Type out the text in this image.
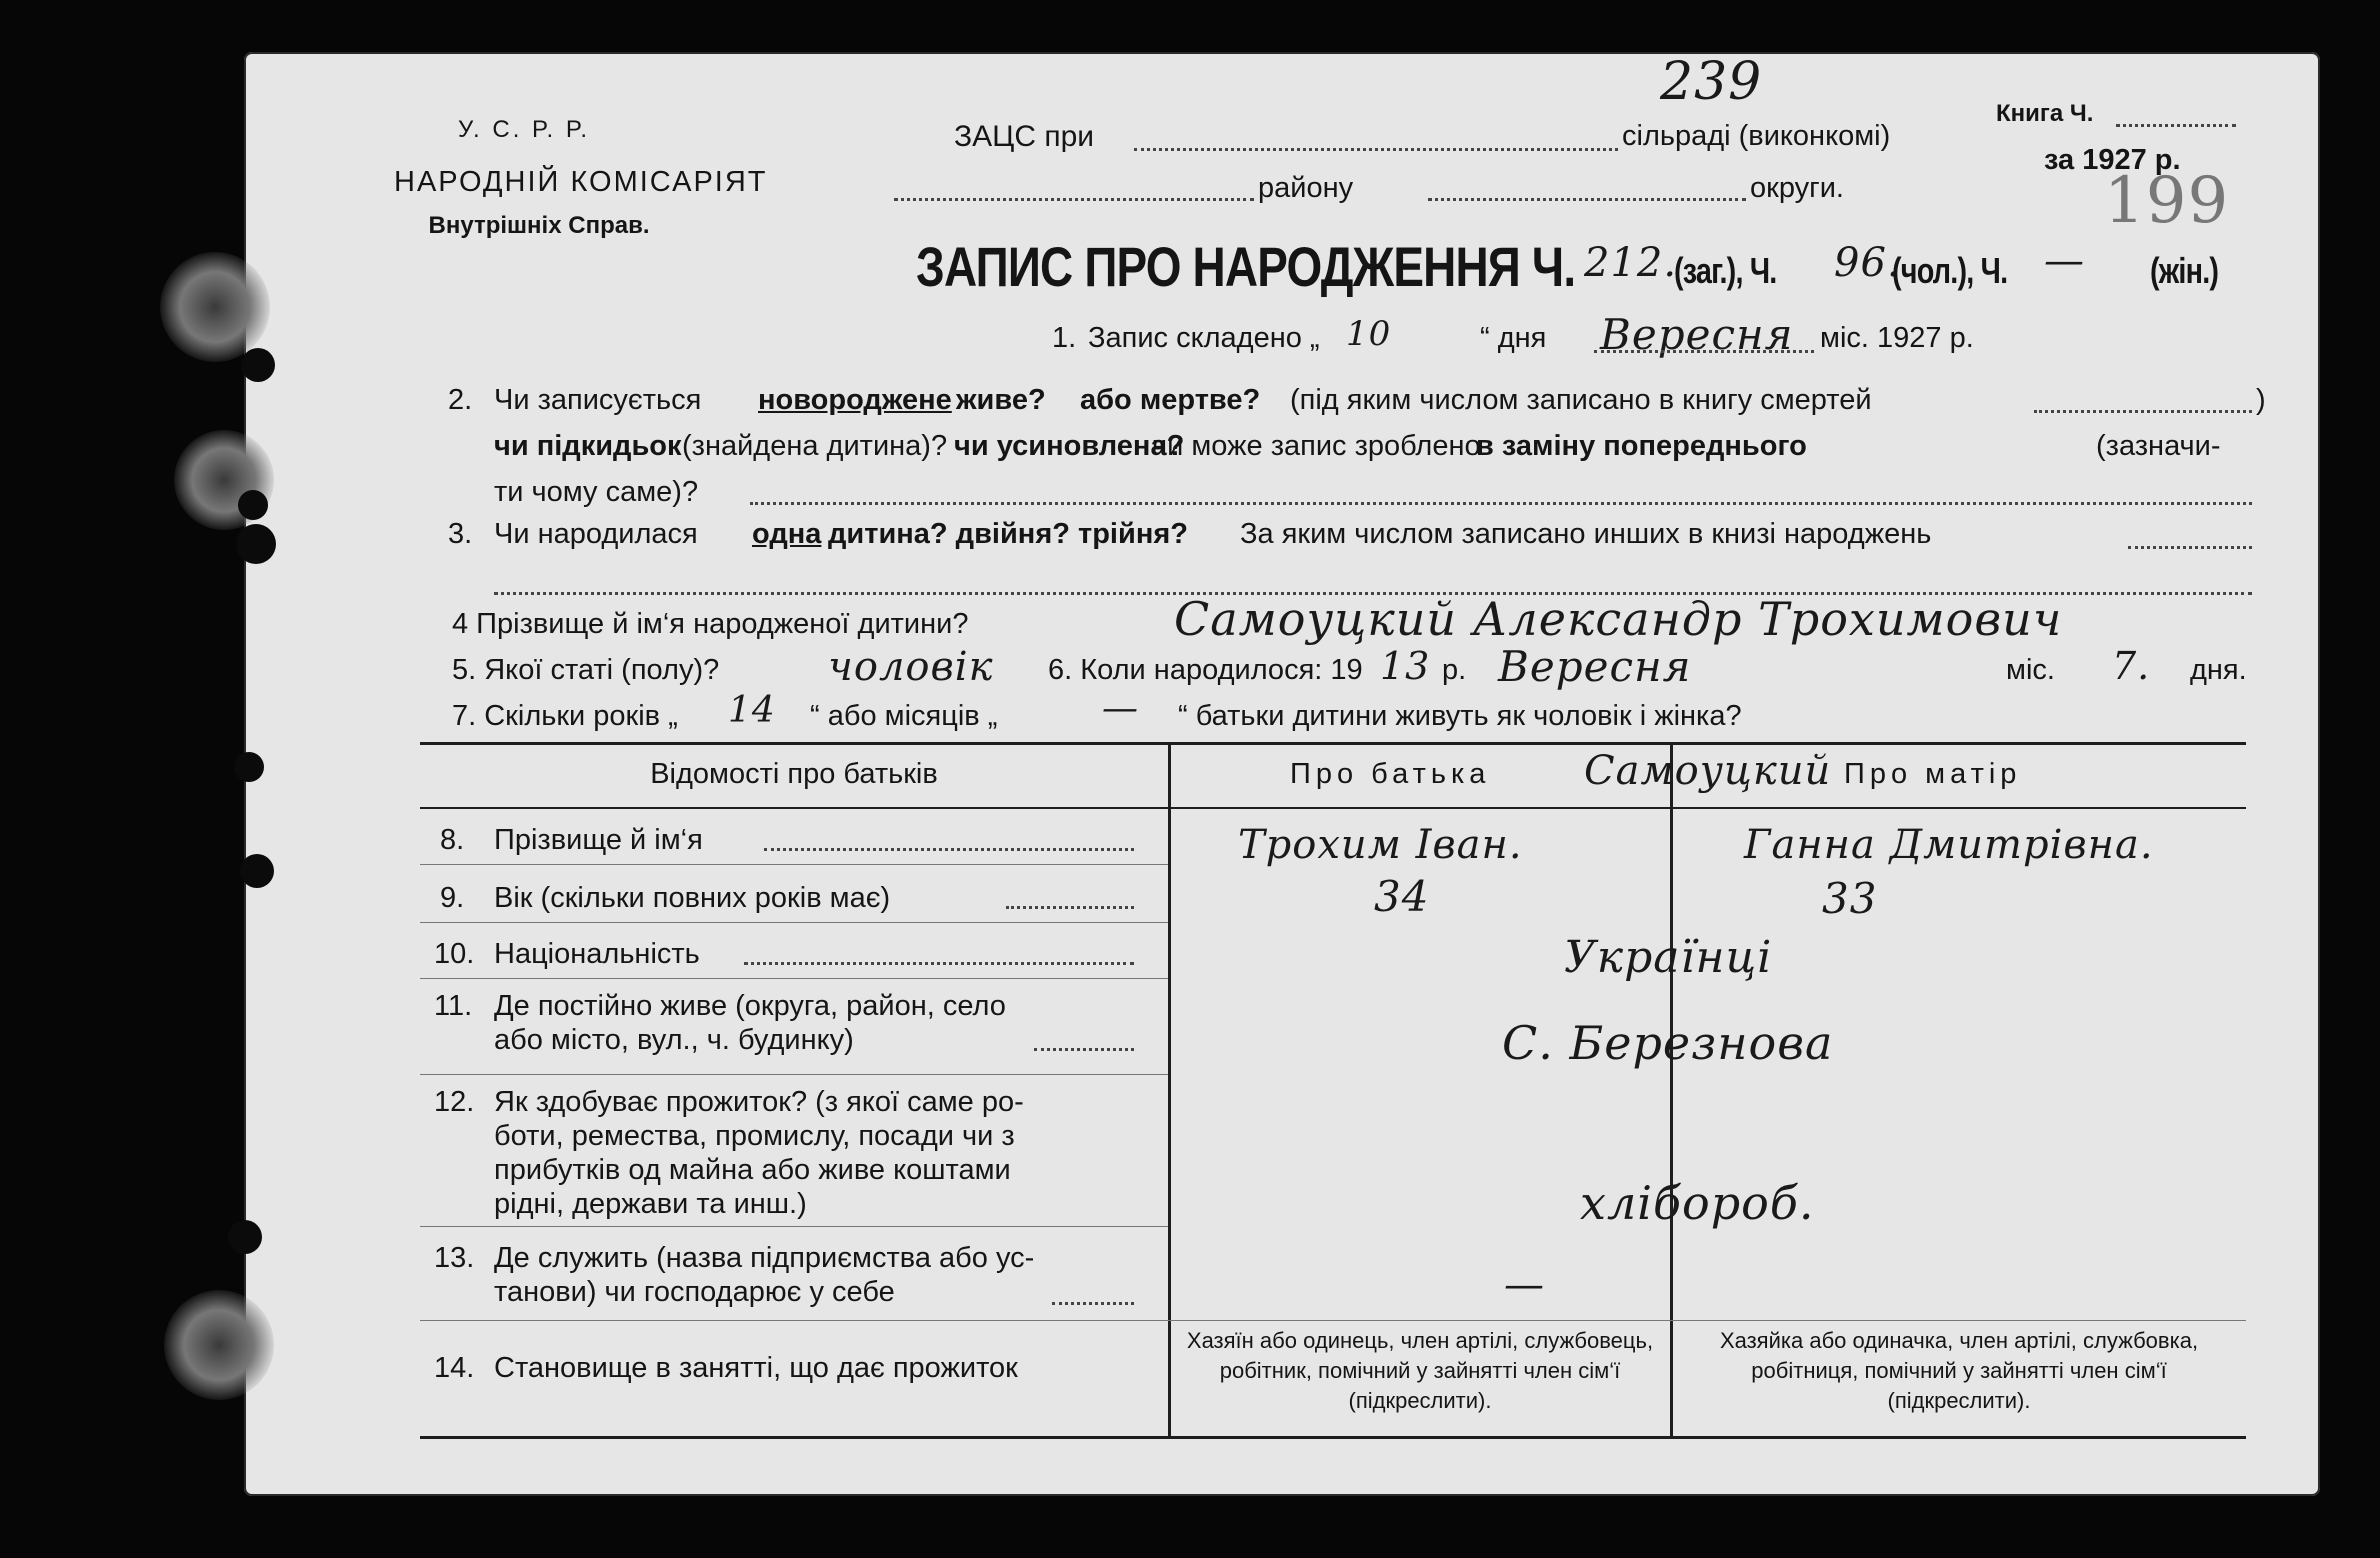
У. С. Р. Р.
НАРОДНІЙ КОМІСАРІЯТ
Внутрішніх Справ.
ЗАЦС при	сільраді (виконкомі)
району	округи.
Книга Ч.
за 1927 р.
239
199
ЗАПИС ПРО НАРОДЖЕННЯ Ч. 212.
(заг.), Ч. 96.
(чол.), Ч. — (жін.)
1. Запис складено „ 10	“ дня Вересня міс. 1927 р.
2. Чи записується новороджене живе? або мертве? (під яким числом записано в книгу смертей	)
чи підкидьок (знайдена дитина)? чи усиновлена?
чи може запис зроблено
в заміну попереднього	(зазначи-
ти чому саме)?
3. Чи народилася одна дитина? двійня? трійня? За яким числом записано инших в книзі народжень
4 Прізвище й ім‘я народженої дитини?	Самоуцкий Александр Трохимович
5. Якої статі (полу)?	чоловік 6. Коли народилося: 19 13 р. Вересня	міс. 7. дня.
7. Скільки років „ 14 “ або місяців „	— “ батьки дитини живуть як чоловік і жінка?
Відомості про батьків	Про батька	Про матір
Самоуцкий
8. Прізвище й ім‘я	Трохим Іван.	Ганна Дмитрівна.
9. Вік (скільки повних років має)	34	33
10. Національність	Українці
11. Де постійно живе (округа, район, село
або місто, вул., ч. будинку)	С. Березнова
12. Як здобуває прожиток? (з якої саме ро-
боти, ремества, промислу, посади чи з
прибутків од майна або живе коштами
рідні, держави та инш.)	хлібороб.
13. Де служить (назва підприємства або ус-
танови) чи господарює у себе	—
14. Становище в занятті, що дає прожиток
Хазяїн або одинець, член артілі, службовець, робітник, помічний у зайнятті член сім‘ї (підкреслити).
Хазяйка або одиначка, член артілі, службовка, робітниця, помічний у зайнятті член сім‘ї (підкреслити).
